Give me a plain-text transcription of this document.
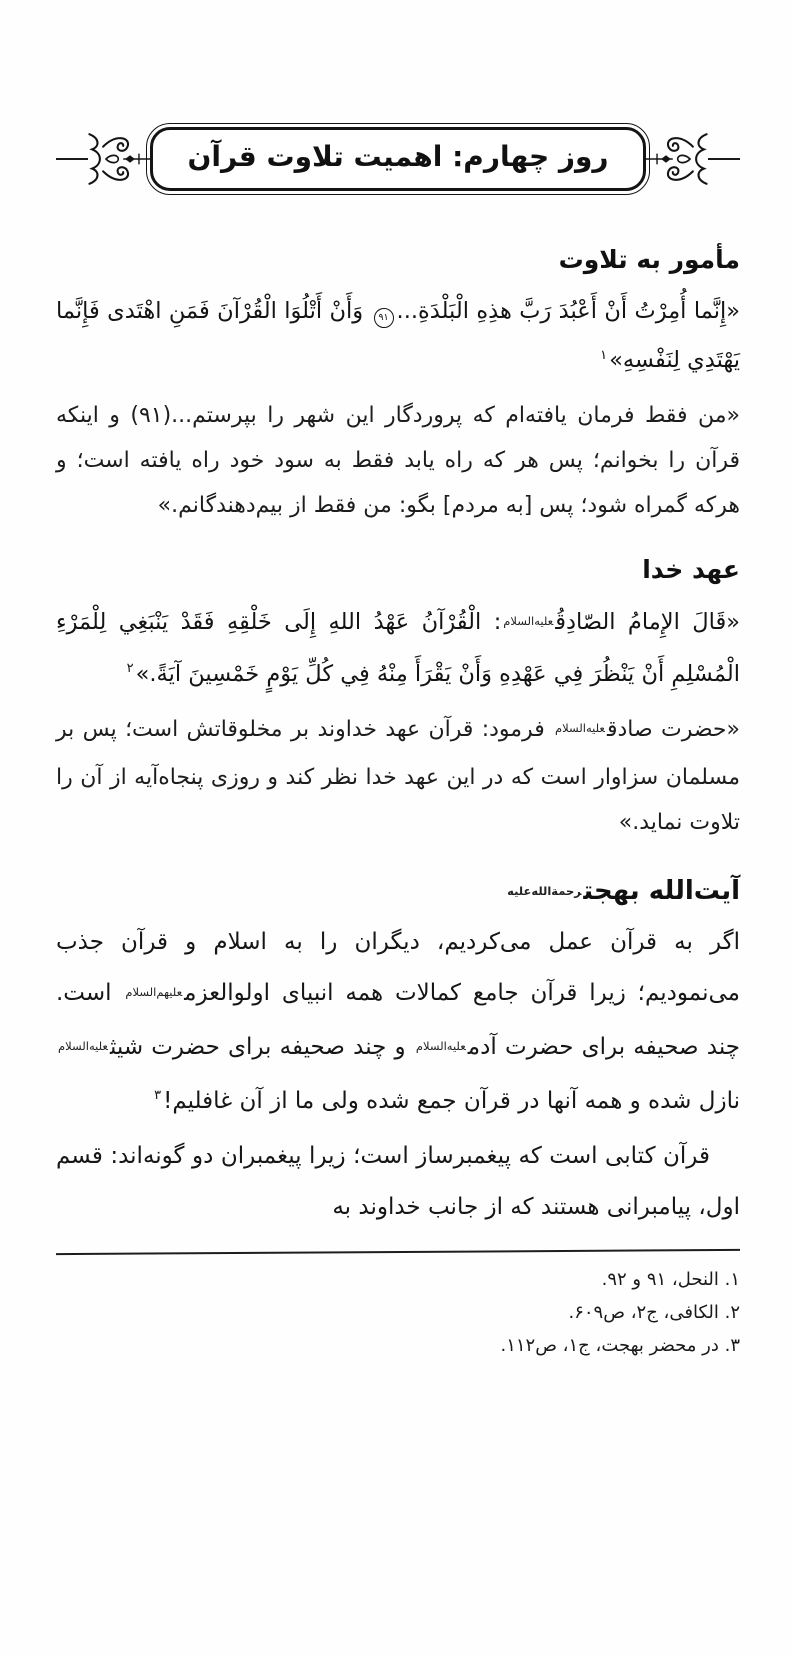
روز چهارم: اهمیت تلاوت قرآن
مأمور به تلاوت

«إِنَّما أُمِرْتُ أَنْ أَعْبُدَ رَبَّ هذِهِ الْبَلْدَةِ...۹۱ وَأَنْ أَتْلُوَا الْقُرْآنَ فَمَنِ اهْتَدى فَإِنَّما يَهْتَدِي لِنَفْسِهِ»$^۱$

«من فقط فرمان یافته‌ام که پروردگار این شهر را بپرستم...(۹۱) و اینکه قرآن را بخوانم؛ پس هر که راه یابد فقط به سود خود راه یافته است؛ و هرکه گمراه شود؛ پس [به مردم] بگو: من فقط از بیم‌دهندگانم.»

عهد خدا

«قَالَ الإِمامُ الصّادِقُعلیه‌السلام: الْقُرْآنُ عَهْدُ اللهِ إِلَى خَلْقِهِ فَقَدْ يَنْبَغِي لِلْمَرْءِ الْمُسْلِمِ أَنْ يَنْظُرَ فِي عَهْدِهِ وَأَنْ يَقْرَأَ مِنْهُ فِي كُلِّ يَوْمٍ خَمْسِينَ آيَةً.»$^۲$

«حضرت صادقعلیه‌السلام فرمود: قرآن عهد خداوند بر مخلوقاتش است؛ پس بر مسلمان سزاوار است که در این عهد خدا نظر کند و روزی پنجاه‌آیه از آن را تلاوت نماید.»

آیت‌الله بهجترحمة‌الله‌علیه

اگر به قرآن عمل می‌کردیم، دیگران را به اسلام و قرآن جذب می‌نمودیم؛ زیرا قرآن جامع کمالات همه انبیای اولوالعزمعلیهم‌السلام است. چند صحیفه برای حضرت آدمعلیه‌السلام و چند صحیفه برای حضرت شیثعلیه‌السلام نازل شده و همه آنها در قرآن جمع شده ولی ما از آن غافلیم!$^۳$

قرآن کتابی است که پیغمبرساز است؛ زیرا پیغمبران دو گونه‌اند: قسم اول، پیامبرانی هستند که از جانب خداوند به

۱. النحل، ۹۱ و ۹۲.
۲. الکافی، ج۲، ص۶۰۹.
۳. در محضر بهجت، ج۱، ص۱۱۲.
